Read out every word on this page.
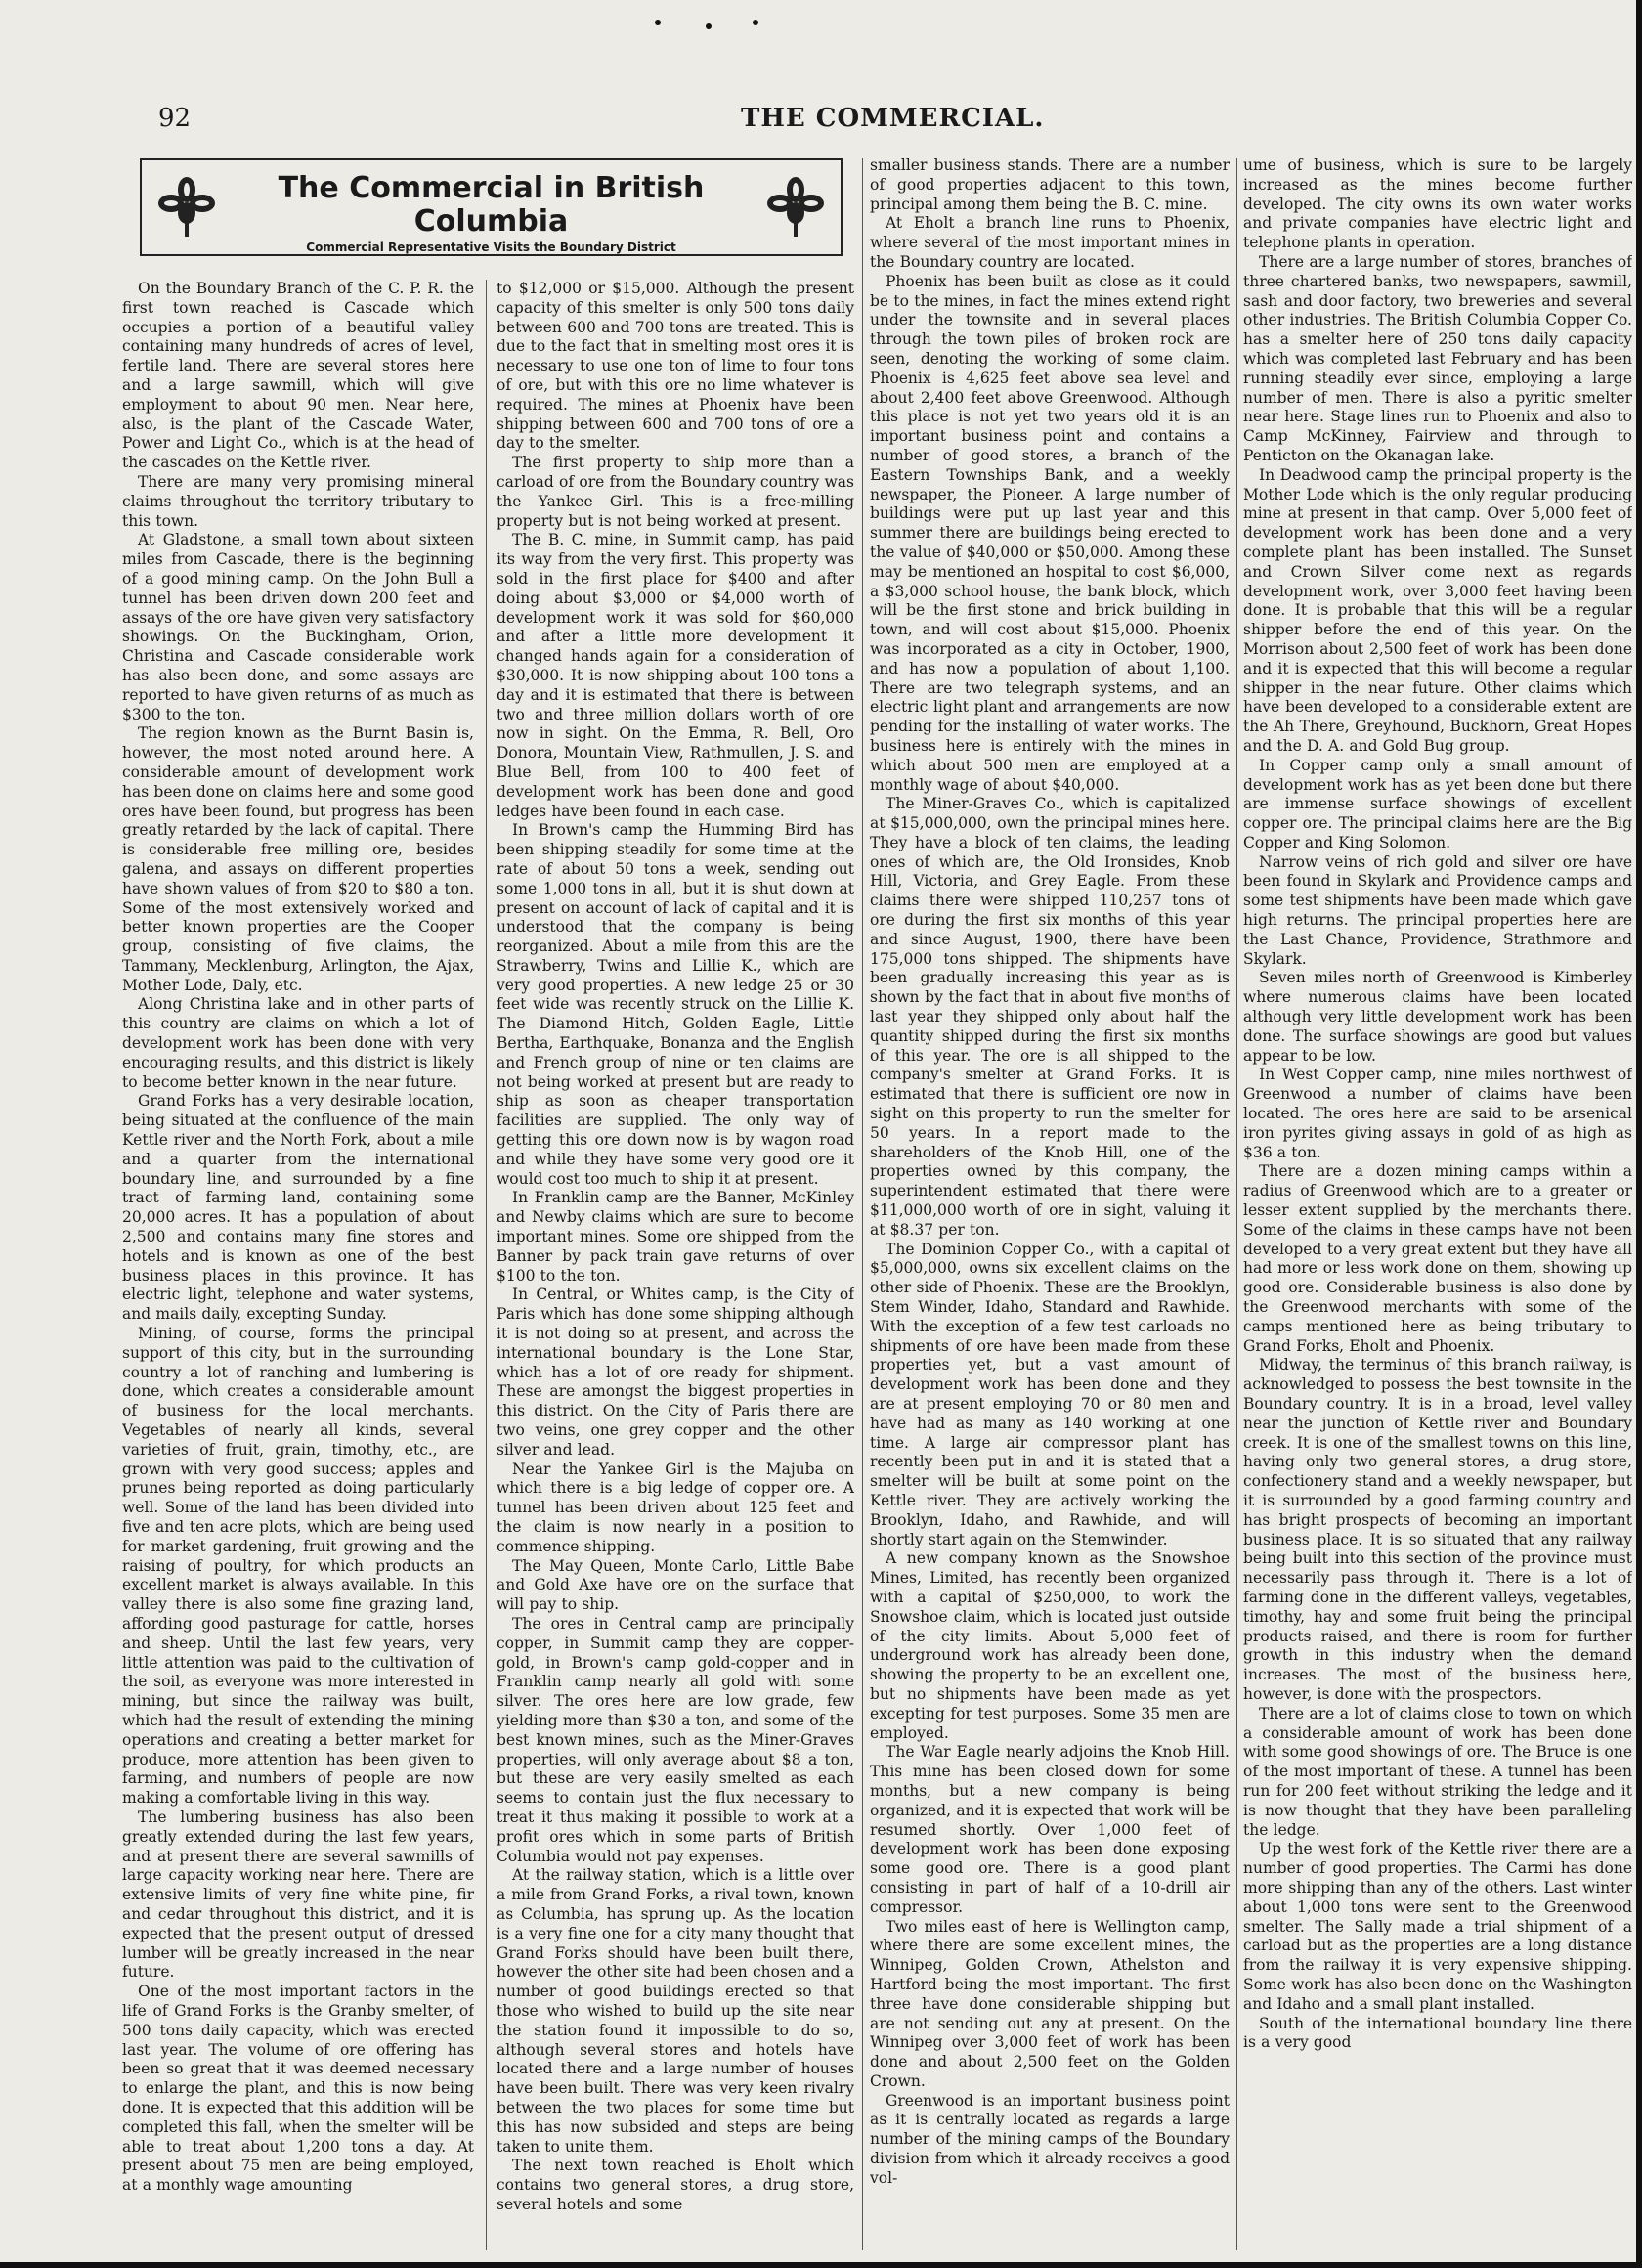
92	THE COMMERCIAL.
The Commercial in British Columbia
Commercial Representative Visits the Boundary District

On the Boundary Branch of the C. P. R. the first town reached is Cascade which occupies a portion of a beautiful valley containing many hundreds of acres of level, fertile land. There are several stores here and a large sawmill, which will give employment to about 90 men. Near here, also, is the plant of the Cascade Water, Power and Light Co., which is at the head of the cascades on the Kettle river.

There are many very promising mineral claims throughout the territory tributary to this town.

At Gladstone, a small town about sixteen miles from Cascade, there is the beginning of a good mining camp. On the John Bull a tunnel has been driven down 200 feet and assays of the ore have given very satisfactory showings. On the Buckingham, Orion, Christina and Cascade considerable work has also been done, and some assays are reported to have given returns of as much as $300 to the ton.

The region known as the Burnt Basin is, however, the most noted around here. A considerable amount of development work has been done on claims here and some good ores have been found, but progress has been greatly retarded by the lack of capital. There is considerable free milling ore, besides galena, and assays on different properties have shown values of from $20 to $80 a ton. Some of the most extensively worked and better known properties are the Cooper group, consisting of five claims, the Tammany, Mecklenburg, Arlington, the Ajax, Mother Lode, Daly, etc.

Along Christina lake and in other parts of this country are claims on which a lot of development work has been done with very encouraging results, and this district is likely to become better known in the near future.

Grand Forks has a very desirable location, being situated at the confluence of the main Kettle river and the North Fork, about a mile and a quarter from the international boundary line, and surrounded by a fine tract of farming land, containing some 20,000 acres. It has a population of about 2,500 and contains many fine stores and hotels and is known as one of the best business places in this province. It has electric light, telephone and water systems, and mails daily, excepting Sunday.

Mining, of course, forms the principal support of this city, but in the surrounding country a lot of ranching and lumbering is done, which creates a considerable amount of business for the local merchants. Vegetables of nearly all kinds, several varieties of fruit, grain, timothy, etc., are grown with very good success; apples and prunes being reported as doing particularly well. Some of the land has been divided into five and ten acre plots, which are being used for market gardening, fruit growing and the raising of poultry, for which products an excellent market is always available. In this valley there is also some fine grazing land, affording good pasturage for cattle, horses and sheep. Until the last few years, very little attention was paid to the cultivation of the soil, as everyone was more interested in mining, but since the railway was built, which had the result of extending the mining operations and creating a better market for produce, more attention has been given to farming, and numbers of people are now making a comfortable living in this way.

The lumbering business has also been greatly extended during the last few years, and at present there are several sawmills of large capacity working near here. There are extensive limits of very fine white pine, fir and cedar throughout this district, and it is expected that the present output of dressed lumber will be greatly increased in the near future.

One of the most important factors in the life of Grand Forks is the Granby smelter, of 500 tons daily capacity, which was erected last year. The volume of ore offering has been so great that it was deemed necessary to enlarge the plant, and this is now being done. It is expected that this addition will be completed this fall, when the smelter will be able to treat about 1,200 tons a day. At present about 75 men are being employed, at a monthly wage amounting

to $12,000 or $15,000. Although the present capacity of this smelter is only 500 tons daily between 600 and 700 tons are treated. This is due to the fact that in smelting most ores it is necessary to use one ton of lime to four tons of ore, but with this ore no lime whatever is required. The mines at Phoenix have been shipping between 600 and 700 tons of ore a day to the smelter.

The first property to ship more than a carload of ore from the Boundary country was the Yankee Girl. This is a free-milling property but is not being worked at present.

The B. C. mine, in Summit camp, has paid its way from the very first. This property was sold in the first place for $400 and after doing about $3,000 or $4,000 worth of development work it was sold for $60,000 and after a little more development it changed hands again for a consideration of $30,000. It is now shipping about 100 tons a day and it is estimated that there is between two and three million dollars worth of ore now in sight. On the Emma, R. Bell, Oro Donora, Mountain View, Rathmullen, J. S. and Blue Bell, from 100 to 400 feet of development work has been done and good ledges have been found in each case.

In Brown's camp the Humming Bird has been shipping steadily for some time at the rate of about 50 tons a week, sending out some 1,000 tons in all, but it is shut down at present on account of lack of capital and it is understood that the company is being reorganized. About a mile from this are the Strawberry, Twins and Lillie K., which are very good properties. A new ledge 25 or 30 feet wide was recently struck on the Lillie K. The Diamond Hitch, Golden Eagle, Little Bertha, Earthquake, Bonanza and the English and French group of nine or ten claims are not being worked at present but are ready to ship as soon as cheaper transportation facilities are supplied. The only way of getting this ore down now is by wagon road and while they have some very good ore it would cost too much to ship it at present.

In Franklin camp are the Banner, McKinley and Newby claims which are sure to become important mines. Some ore shipped from the Banner by pack train gave returns of over $100 to the ton.

In Central, or Whites camp, is the City of Paris which has done some shipping although it is not doing so at present, and across the international boundary is the Lone Star, which has a lot of ore ready for shipment. These are amongst the biggest properties in this district. On the City of Paris there are two veins, one grey copper and the other silver and lead.

Near the Yankee Girl is the Majuba on which there is a big ledge of copper ore. A tunnel has been driven about 125 feet and the claim is now nearly in a position to commence shipping.

The May Queen, Monte Carlo, Little Babe and Gold Axe have ore on the surface that will pay to ship.

The ores in Central camp are principally copper, in Summit camp they are copper-gold, in Brown's camp gold-copper and in Franklin camp nearly all gold with some silver. The ores here are low grade, few yielding more than $30 a ton, and some of the best known mines, such as the Miner-Graves properties, will only average about $8 a ton, but these are very easily smelted as each seems to contain just the flux necessary to treat it thus making it possible to work at a profit ores which in some parts of British Columbia would not pay expenses.

At the railway station, which is a little over a mile from Grand Forks, a rival town, known as Columbia, has sprung up. As the location is a very fine one for a city many thought that Grand Forks should have been built there, however the other site had been chosen and a number of good buildings erected so that those who wished to build up the site near the station found it impossible to do so, although several stores and hotels have located there and a large number of houses have been built. There was very keen rivalry between the two places for some time but this has now subsided and steps are being taken to unite them.

The next town reached is Eholt which contains two general stores, a drug store, several hotels and some

smaller business stands. There are a number of good properties adjacent to this town, principal among them being the B. C. mine.

At Eholt a branch line runs to Phoenix, where several of the most important mines in the Boundary country are located.

Phoenix has been built as close as it could be to the mines, in fact the mines extend right under the townsite and in several places through the town piles of broken rock are seen, denoting the working of some claim. Phoenix is 4,625 feet above sea level and about 2,400 feet above Greenwood. Although this place is not yet two years old it is an important business point and contains a number of good stores, a branch of the Eastern Townships Bank, and a weekly newspaper, the Pioneer. A large number of buildings were put up last year and this summer there are buildings being erected to the value of $40,000 or $50,000. Among these may be mentioned an hospital to cost $6,000, a $3,000 school house, the bank block, which will be the first stone and brick building in town, and will cost about $15,000. Phoenix was incorporated as a city in October, 1900, and has now a population of about 1,100. There are two telegraph systems, and an electric light plant and arrangements are now pending for the installing of water works. The business here is entirely with the mines in which about 500 men are employed at a monthly wage of about $40,000.

The Miner-Graves Co., which is capitalized at $15,000,000, own the principal mines here. They have a block of ten claims, the leading ones of which are, the Old Ironsides, Knob Hill, Victoria, and Grey Eagle. From these claims there were shipped 110,257 tons of ore during the first six months of this year and since August, 1900, there have been 175,000 tons shipped. The shipments have been gradually increasing this year as is shown by the fact that in about five months of last year they shipped only about half the quantity shipped during the first six months of this year. The ore is all shipped to the company's smelter at Grand Forks. It is estimated that there is sufficient ore now in sight on this property to run the smelter for 50 years. In a report made to the shareholders of the Knob Hill, one of the properties owned by this company, the superintendent estimated that there were $11,000,000 worth of ore in sight, valuing it at $8.37 per ton.

The Dominion Copper Co., with a capital of $5,000,000, owns six excellent claims on the other side of Phoenix. These are the Brooklyn, Stem Winder, Idaho, Standard and Rawhide. With the exception of a few test carloads no shipments of ore have been made from these properties yet, but a vast amount of development work has been done and they are at present employing 70 or 80 men and have had as many as 140 working at one time. A large air compressor plant has recently been put in and it is stated that a smelter will be built at some point on the Kettle river. They are actively working the Brooklyn, Idaho, and Rawhide, and will shortly start again on the Stemwinder.

A new company known as the Snowshoe Mines, Limited, has recently been organized with a capital of $250,000, to work the Snowshoe claim, which is located just outside of the city limits. About 5,000 feet of underground work has already been done, showing the property to be an excellent one, but no shipments have been made as yet excepting for test purposes. Some 35 men are employed.

The War Eagle nearly adjoins the Knob Hill. This mine has been closed down for some months, but a new company is being organized, and it is expected that work will be resumed shortly. Over 1,000 feet of development work has been done exposing some good ore. There is a good plant consisting in part of half of a 10-drill air compressor.

Two miles east of here is Wellington camp, where there are some excellent mines, the Winnipeg, Golden Crown, Athelston and Hartford being the most important. The first three have done considerable shipping but are not sending out any at present. On the Winnipeg over 3,000 feet of work has been done and about 2,500 feet on the Golden Crown.

Greenwood is an important business point as it is centrally located as regards a large number of the mining camps of the Boundary division from which it already receives a good vol-

ume of business, which is sure to be largely increased as the mines become further developed. The city owns its own water works and private companies have electric light and telephone plants in operation.

There are a large number of stores, branches of three chartered banks, two newspapers, sawmill, sash and door factory, two breweries and several other industries. The British Columbia Copper Co. has a smelter here of 250 tons daily capacity which was completed last February and has been running steadily ever since, employing a large number of men. There is also a pyritic smelter near here. Stage lines run to Phoenix and also to Camp McKinney, Fairview and through to Penticton on the Okanagan lake.

In Deadwood camp the principal property is the Mother Lode which is the only regular producing mine at present in that camp. Over 5,000 feet of development work has been done and a very complete plant has been installed. The Sunset and Crown Silver come next as regards development work, over 3,000 feet having been done. It is probable that this will be a regular shipper before the end of this year. On the Morrison about 2,500 feet of work has been done and it is expected that this will become a regular shipper in the near future. Other claims which have been developed to a considerable extent are the Ah There, Greyhound, Buckhorn, Great Hopes and the D. A. and Gold Bug group.

In Copper camp only a small amount of development work has as yet been done but there are immense surface showings of excellent copper ore. The principal claims here are the Big Copper and King Solomon.

Narrow veins of rich gold and silver ore have been found in Skylark and Providence camps and some test shipments have been made which gave high returns. The principal properties here are the Last Chance, Providence, Strathmore and Skylark.

Seven miles north of Greenwood is Kimberley where numerous claims have been located although very little development work has been done. The surface showings are good but values appear to be low.

In West Copper camp, nine miles northwest of Greenwood a number of claims have been located. The ores here are said to be arsenical iron pyrites giving assays in gold of as high as $36 a ton.

There are a dozen mining camps within a radius of Greenwood which are to a greater or lesser extent supplied by the merchants there. Some of the claims in these camps have not been developed to a very great extent but they have all had more or less work done on them, showing up good ore. Considerable business is also done by the Greenwood merchants with some of the camps mentioned here as being tributary to Grand Forks, Eholt and Phoenix.

Midway, the terminus of this branch railway, is acknowledged to possess the best townsite in the Boundary country. It is in a broad, level valley near the junction of Kettle river and Boundary creek. It is one of the smallest towns on this line, having only two general stores, a drug store, confectionery stand and a weekly newspaper, but it is surrounded by a good farming country and has bright prospects of becoming an important business place. It is so situated that any railway being built into this section of the province must necessarily pass through it. There is a lot of farming done in the different valleys, vegetables, timothy, hay and some fruit being the principal products raised, and there is room for further growth in this industry when the demand increases. The most of the business here, however, is done with the prospectors.

There are a lot of claims close to town on which a considerable amount of work has been done with some good showings of ore. The Bruce is one of the most important of these. A tunnel has been run for 200 feet without striking the ledge and it is now thought that they have been paralleling the ledge.

Up the west fork of the Kettle river there are a number of good properties. The Carmi has done more shipping than any of the others. Last winter about 1,000 tons were sent to the Greenwood smelter. The Sally made a trial shipment of a carload but as the properties are a long distance from the railway it is very expensive shipping. Some work has also been done on the Washington and Idaho and a small plant installed.

South of the international boundary line there is a very good
